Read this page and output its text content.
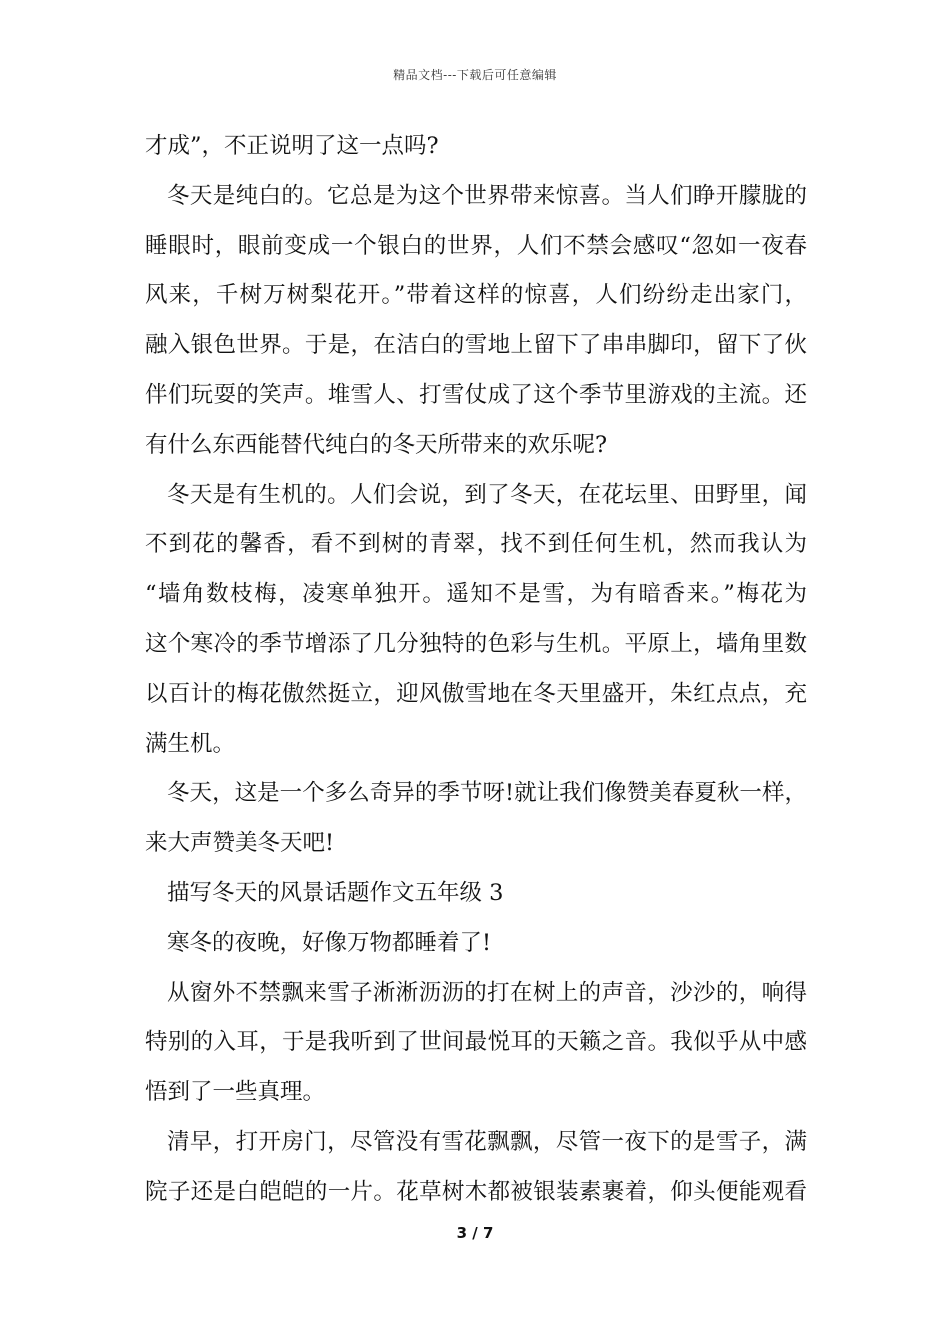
精品文档---下载后可任意编辑
才成”，不正说明了这一点吗?
冬天是纯白的。它总是为这个世界带来惊喜。当人们睁开朦胧的
睡眼时，眼前变成一个银白的世界，人们不禁会感叹“忽如一夜春
风来，千树万树梨花开。”带着这样的惊喜，人们纷纷走出家门，
融入银色世界。于是，在洁白的雪地上留下了串串脚印，留下了伙
伴们玩耍的笑声。堆雪人、打雪仗成了这个季节里游戏的主流。还
有什么东西能替代纯白的冬天所带来的欢乐呢?
冬天是有生机的。人们会说，到了冬天，在花坛里、田野里，闻
不到花的馨香，看不到树的青翠，找不到任何生机，然而我认为
“墙角数枝梅，凌寒单独开。遥知不是雪，为有暗香来。”梅花为
这个寒冷的季节增添了几分独特的色彩与生机。平原上，墙角里数
以百计的梅花傲然挺立，迎风傲雪地在冬天里盛开，朱红点点，充
满生机。
冬天，这是一个多么奇异的季节呀!就让我们像赞美春夏秋一样，
来大声赞美冬天吧!
描写冬天的风景话题作文五年级 3
寒冬的夜晚，好像万物都睡着了!
从窗外不禁飘来雪子淅淅沥沥的打在树上的声音，沙沙的，响得
特别的入耳，于是我听到了世间最悦耳的天籁之音。我似乎从中感
悟到了一些真理。
清早，打开房门，尽管没有雪花飘飘，尽管一夜下的是雪子，满
院子还是白皑皑的一片。花草树木都被银装素裹着，仰头便能观看
3 / 7
